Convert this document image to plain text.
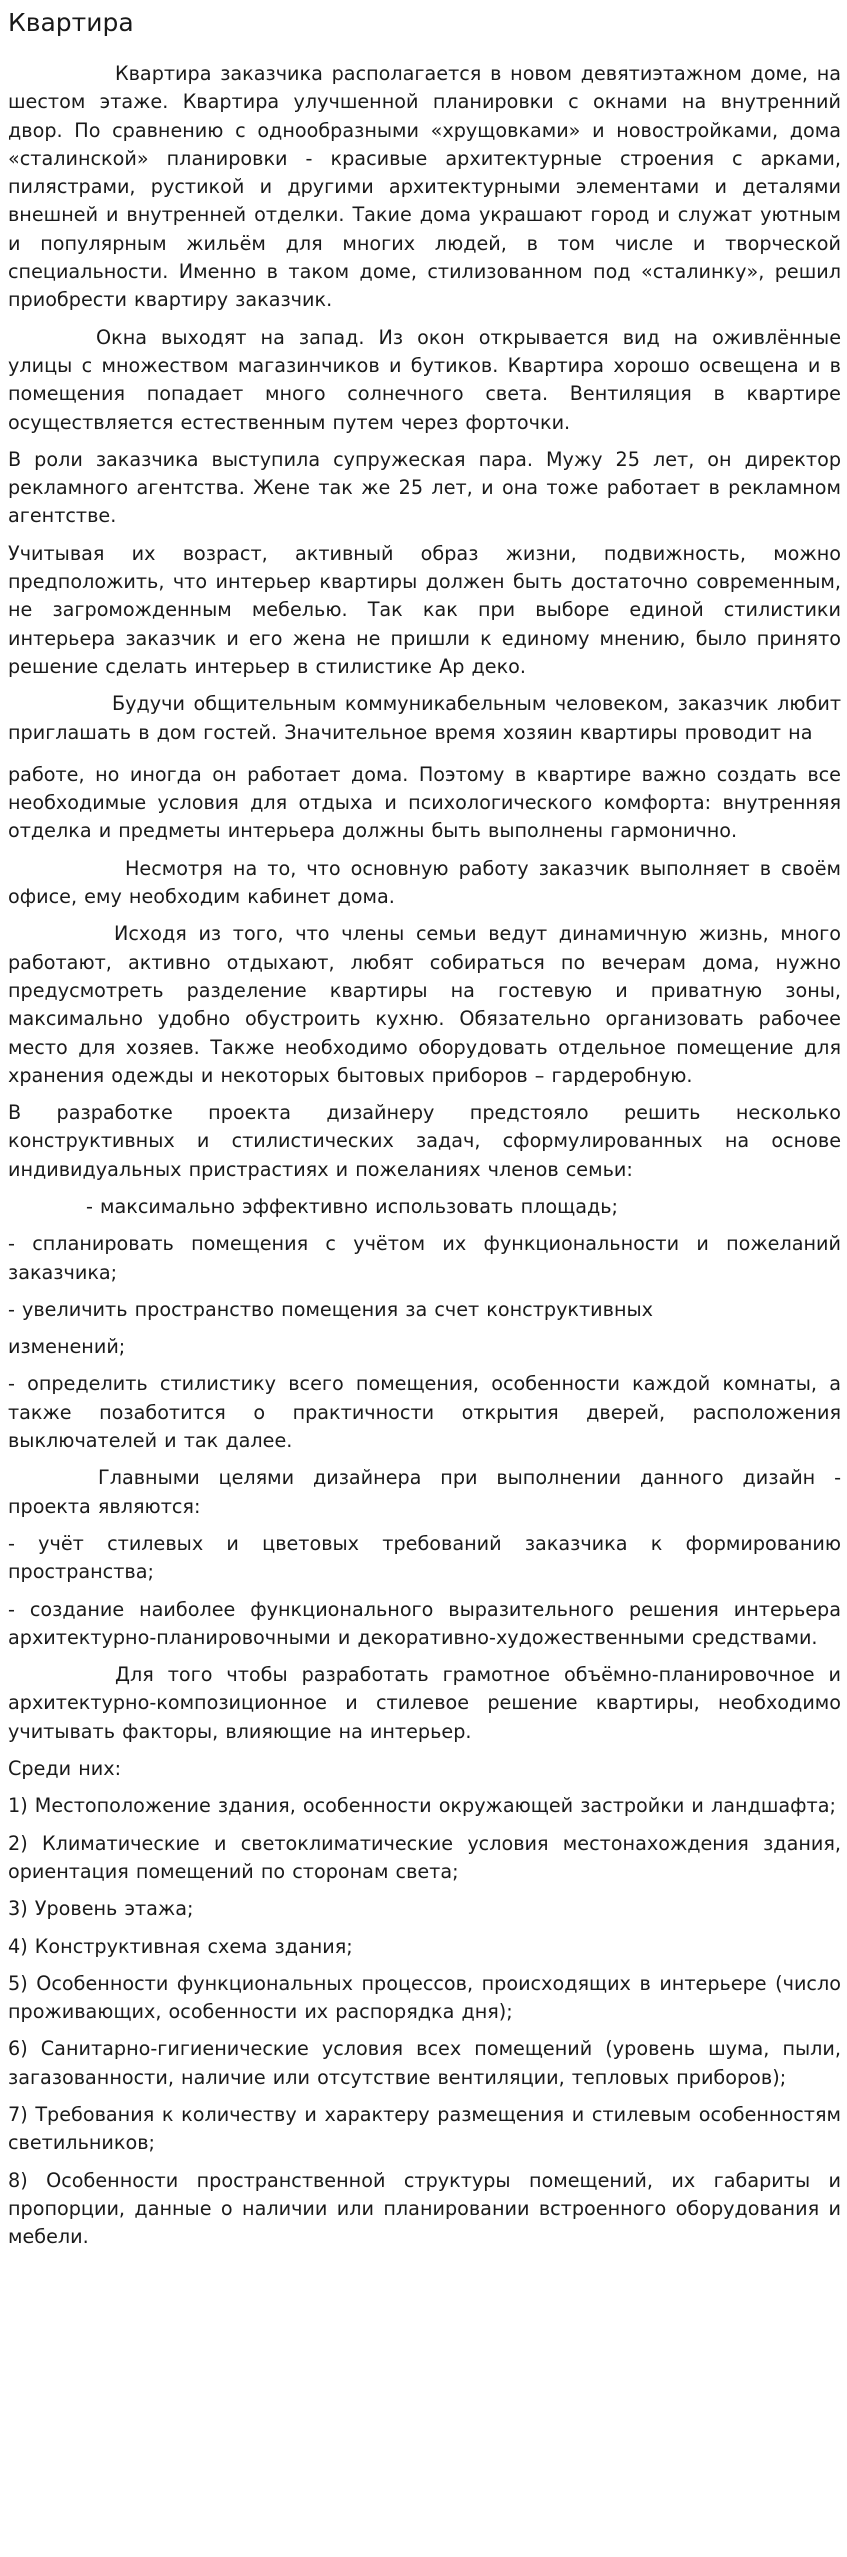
Квартира

Квартира заказчика располагается в новом девятиэтажном доме, на шестом этаже. Квартира улучшенной планировки с окнами на внутренний двор. По сравнению с однообразными «хрущовками» и новостройками, дома «сталинской» планировки - красивые архитектурные строения с арками, пилястрами, рустикой и другими архитектурными элементами и деталями внешней и внутренней отделки. Такие дома украшают город и служат уютным и популярным жильём для многих людей, в том числе и творческой специальности. Именно в таком доме, стилизованном под «сталинку», решил приобрести квартиру заказчик.

Окна выходят на запад. Из окон открывается вид на оживлённые улицы с множеством магазинчиков и бутиков. Квартира хорошо освещена и в помещения попадает много солнечного света. Вентиляция в квартире осуществляется естественным путем через форточки.

В роли заказчика выступила супружеская пара. Мужу 25 лет, он директор рекламного агентства. Жене так же 25 лет, и она тоже работает в рекламном агентстве.

Учитывая их возраст, активный образ жизни, подвижность, можно предположить, что интерьер квартиры должен быть достаточно современным, не загроможденным мебелью. Так как при выборе единой стилистики интерьера заказчик и его жена не пришли к единому мнению, было принято решение сделать интерьер в стилистике Ар деко.

Будучи общительным коммуникабельным человеком, заказчик любит приглашать в дом гостей. Значительное время хозяин квартиры проводит на

работе, но иногда он работает дома. Поэтому в квартире важно создать все необходимые условия для отдыха и психологического комфорта: внутренняя отделка и предметы интерьера должны быть выполнены гармонично.

Несмотря на то, что основную работу заказчик выполняет в своём офисе, ему необходим кабинет дома.

Исходя из того, что члены семьи ведут динамичную жизнь, много работают, активно отдыхают, любят собираться по вечерам дома, нужно предусмотреть разделение квартиры на гостевую и приватную зоны, максимально удобно обустроить кухню. Обязательно организовать рабочее место для хозяев. Также необходимо оборудовать отдельное помещение для хранения одежды и некоторых бытовых приборов – гардеробную.

В разработке проекта дизайнеру предстояло решить несколько конструктивных и стилистических задач, сформулированных на основе индивидуальных пристрастиях и пожеланиях членов семьи:

- максимально эффективно использовать площадь;

- спланировать помещения с учётом их функциональности и пожеланий заказчика;

- увеличить пространство помещения за счет конструктивных

изменений;

- определить стилистику всего помещения, особенности каждой комнаты, а также позаботится о практичности открытия дверей, расположения выключателей и так далее.

Главными целями дизайнера при выполнении данного дизайн - проекта являются:

- учёт стилевых и цветовых требований заказчика к формированию пространства;

- создание наиболее функционального выразительного решения интерьера архитектурно-планировочными и декоративно-художественными средствами.

Для того чтобы разработать грамотное объёмно-планировочное и архитектурно-композиционное и стилевое решение квартиры, необходимо учитывать факторы, влияющие на интерьер.

Среди них:

1) Местоположение здания, особенности окружающей застройки и ландшафта;

2) Климатические и светоклиматические условия местонахождения здания, ориентация помещений по сторонам света;

3) Уровень этажа;

4) Конструктивная схема здания;

5) Особенности функциональных процессов, происходящих в интерьере (число проживающих, особенности их распорядка дня);

6) Санитарно-гигиенические условия всех помещений (уровень шума, пыли, загазованности, наличие или отсутствие вентиляции, тепловых приборов);

7) Требования к количеству и характеру размещения и стилевым особенностям светильников;

8) Особенности пространственной структуры помещений, их габариты и пропорции, данные о наличии или планировании встроенного оборудования и мебели.
